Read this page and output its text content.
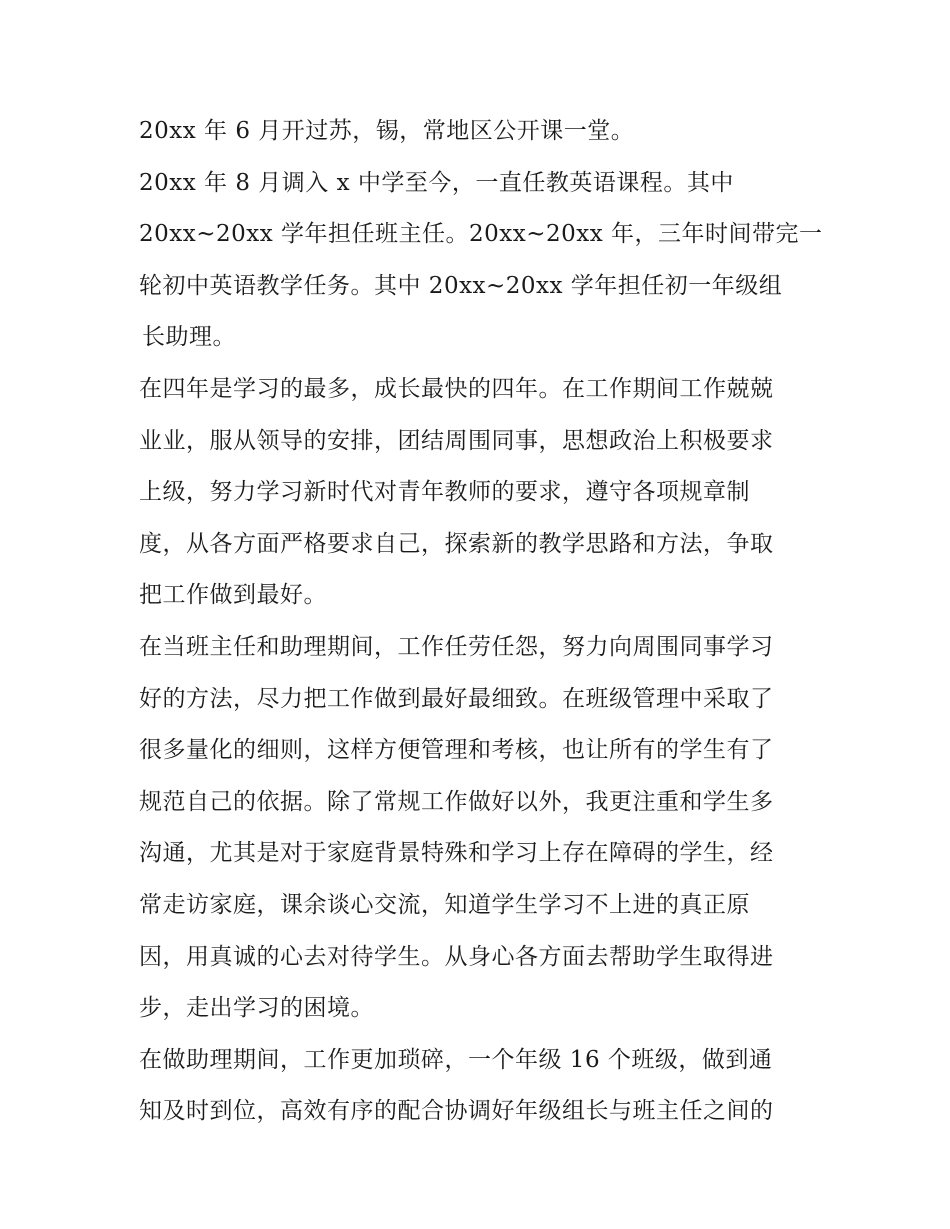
20xx 年 6 月开过苏，锡，常地区公开课一堂。
20xx 年 8 月调入 x 中学至今，一直任教英语课程。其中
20xx~20xx 学年担任班主任。20xx~20xx 年，三年时间带完一
轮初中英语教学任务。其中 20xx~20xx 学年担任初一年级组
长助理。
在四年是学习的最多，成长最快的四年。在工作期间工作兢兢
业业，服从领导的安排，团结周围同事，思想政治上积极要求
上级，努力学习新时代对青年教师的要求，遵守各项规章制
度，从各方面严格要求自己，探索新的教学思路和方法，争取
把工作做到最好。
在当班主任和助理期间，工作任劳任怨，努力向周围同事学习
好的方法，尽力把工作做到最好最细致。在班级管理中采取了
很多量化的细则，这样方便管理和考核，也让所有的学生有了
规范自己的依据。除了常规工作做好以外，我更注重和学生多
沟通，尤其是对于家庭背景特殊和学习上存在障碍的学生，经
常走访家庭，课余谈心交流，知道学生学习不上进的真正原
因，用真诚的心去对待学生。从身心各方面去帮助学生取得进
步，走出学习的困境。
在做助理期间，工作更加琐碎，一个年级 16 个班级，做到通
知及时到位，高效有序的配合协调好年级组长与班主任之间的
